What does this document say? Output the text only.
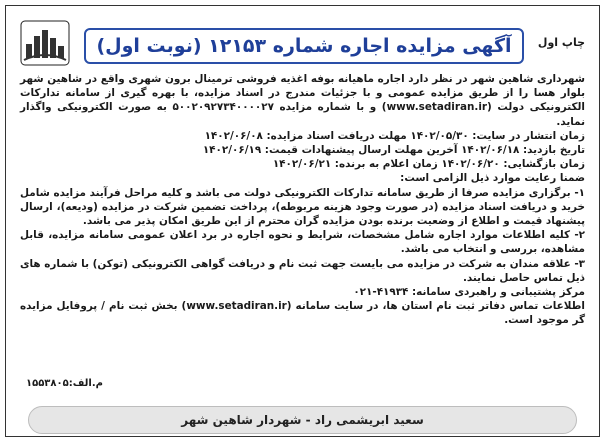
چاپ اول
آگهی مزایده اجاره شماره ۱۲۱۵۳ (نوبت اول)

شهرداری شاهین شهر در نظر دارد اجاره ماهیانه بوفه اغذیه فروشی ترمینال برون شهری واقع در شاهین شهر بلوار هسا را از طریق مزایده عمومی و با جزئیات مندرج در اسناد مزایده، با بهره گیری از سامانه تدارکات الکترونیکی دولت (www.setadiran.ir) و با شماره مزایده ۵۰۰۲۰۹۲۷۳۴۰۰۰۰۲۷ به صورت الکترونیکی واگذار نماید.

زمان انتشار در سایت: ۱۴۰۲/۰۵/۳۰ مهلت دریافت اسناد مزایده: ۱۴۰۲/۰۶/۰۸

تاریخ بازدید: ۱۴۰۲/۰۶/۱۸ آخرین مهلت ارسال پیشنهادات قیمت: ۱۴۰۲/۰۶/۱۹

زمان بازگشایی: ۱۴۰۲/۰۶/۲۰ زمان اعلام به برنده: ۱۴۰۲/۰۶/۲۱

ضمنا رعایت موارد ذیل الزامی است:

۱- برگزاری مزایده صرفا از طریق سامانه تدارکات الکترونیکی دولت می باشد و کلیه مراحل فرآیند مزایده شامل خرید و دریافت اسناد مزایده (در صورت وجود هزینه مربوطه)، پرداخت تضمین شرکت در مزایده (ودیعه)، ارسال پیشنهاد قیمت و اطلاع از وضعیت برنده بودن مزایده گران محترم از این طریق امکان پذیر می باشد.

۲- کلیه اطلاعات موارد اجاره شامل مشخصات، شرایط و نحوه اجاره در برد اعلان عمومی سامانه مزایده، قابل مشاهده، بررسی و انتخاب می باشد.

۳- علاقه مندان به شرکت در مزایده می بایست جهت ثبت نام و دریافت گواهی الکترونیکی (توکن) با شماره های ذیل تماس حاصل نمایند.

مرکز پشتیبانی و راهبردی سامانه: ۴۱۹۳۴-۰۲۱

اطلاعات تماس دفاتر ثبت نام استان ها، در سایت سامانه (www.setadiran.ir) بخش ثبت نام / پروفایل مزایده گر موجود است.

م.الف:۱۵۵۳۸۰۵
سعید ابریشمی راد - شهردار شاهین شهر
